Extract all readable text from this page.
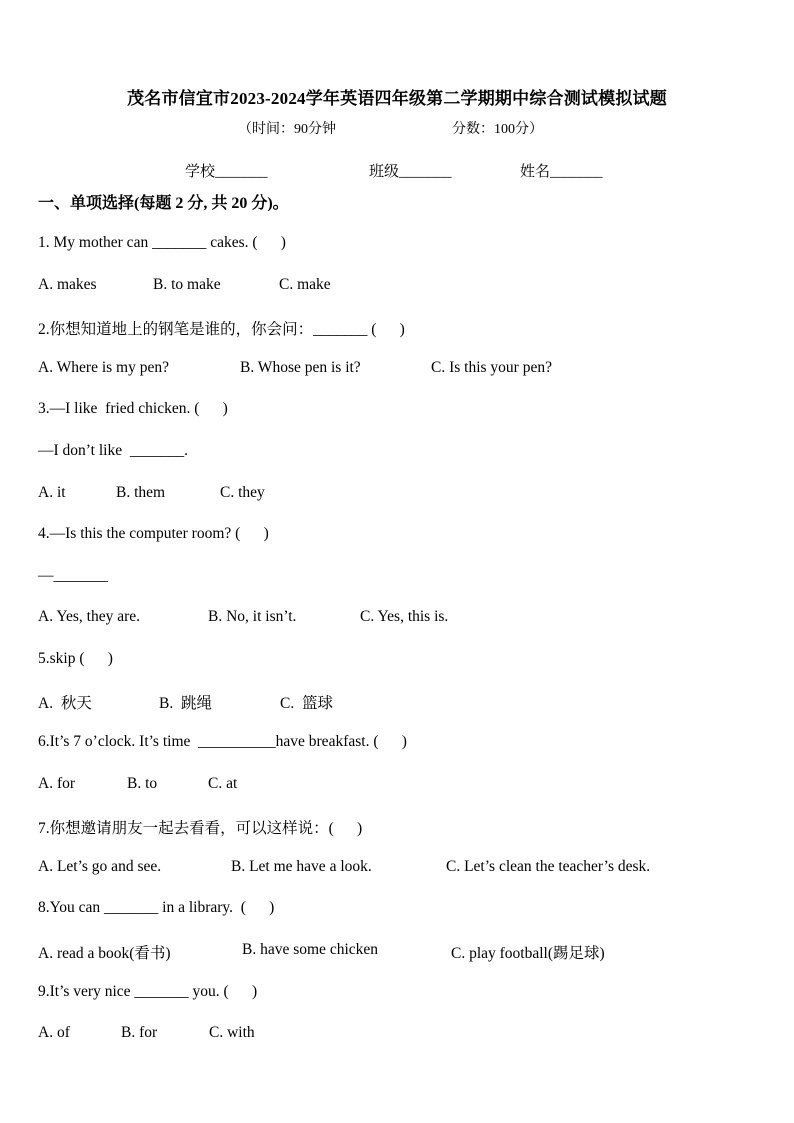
茂名市信宜市2023-2024学年英语四年级第二学期期中综合测试模拟试题
（时间：90分钟	分数：100分）
学校_______	班级_______	姓名_______
一、单项选择(每题 2 分, 共 20 分)。
1. My mother can _______ cakes. (      )
A. makes	B. to make	C. make
2.你想知道地上的钢笔是谁的，你会问：_______ (      )
A. Where is my pen?	B. Whose pen is it?	C. Is this your pen?
3.—I like  fried chicken. (      )
—I don’t like  _______.
A. it	B. them	C. they
4.—Is this the computer room? (      )
—_______
A. Yes, they are.	B. No, it isn’t.	C. Yes, this is.
5.skip (      )
A.  秋天	B.  跳绳	C.  篮球
6.It’s 7 o’clock. It’s time  __________have breakfast. (      )
A. for	B. to	C. at
7.你想邀请朋友一起去看看，可以这样说：(      )
A. Let’s go and see.	B. Let me have a look.	C. Let’s clean the teacher’s desk.
8.You can _______ in a library.  (      )
A. read a book(看书)	B. have some chicken	C. play football(踢足球)
9.It’s very nice _______ you. (      )
A. of	B. for	C. with
